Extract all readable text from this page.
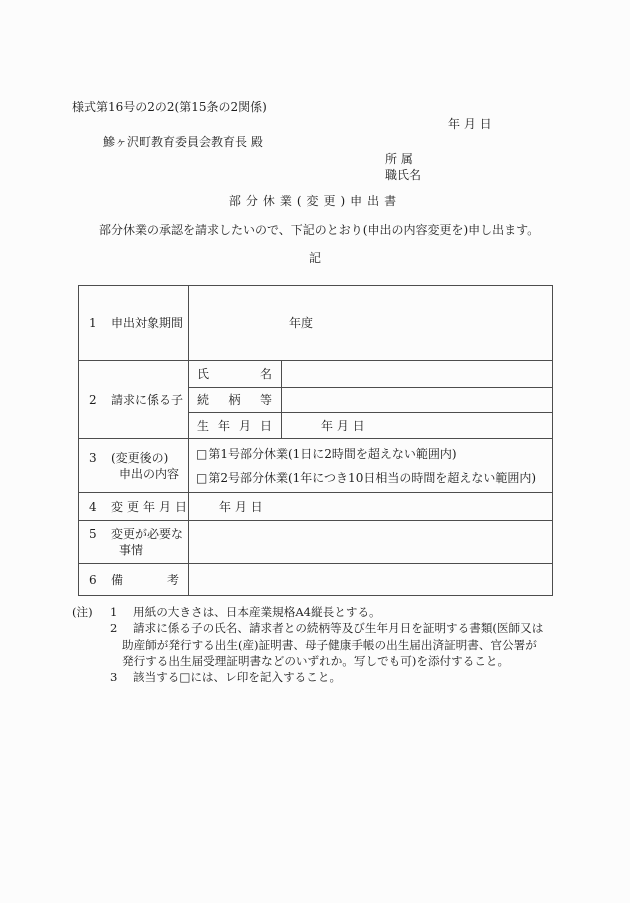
様式第16号の2の2(第15条の2関係)
年 月 日
鰺ヶ沢町教育委員会教育長 殿
所 属
職氏名
部分休業(変更)申出書
部分休業の承認を請求したいので、下記のとおり(申出の内容変更を)申し出ます。
記
1	申出対象期間	年度
2	請求に係る子
氏名
続柄等
生年月日	年 月 日
3	(変更後の)
申出の内容
□ 第1号部分休業(1日に2時間を超えない範囲内)
□ 第2号部分休業(1年につき10日相当の時間を超えない範囲内)
4	変更年月日	年 月 日
5	変更が必要な
事情
6	備考
(注)	1	用紙の大きさは、日本産業規格A4縦長とする。
2	請求に係る子の氏名、請求者との続柄等及び生年月日を証明する書類(医師又は
助産師が発行する出生(産)証明書、母子健康手帳の出生届出済証明書、官公署が
発行する出生届受理証明書などのいずれか。写しでも可)を添付すること。
3	該当する□には、レ印を記入すること。
